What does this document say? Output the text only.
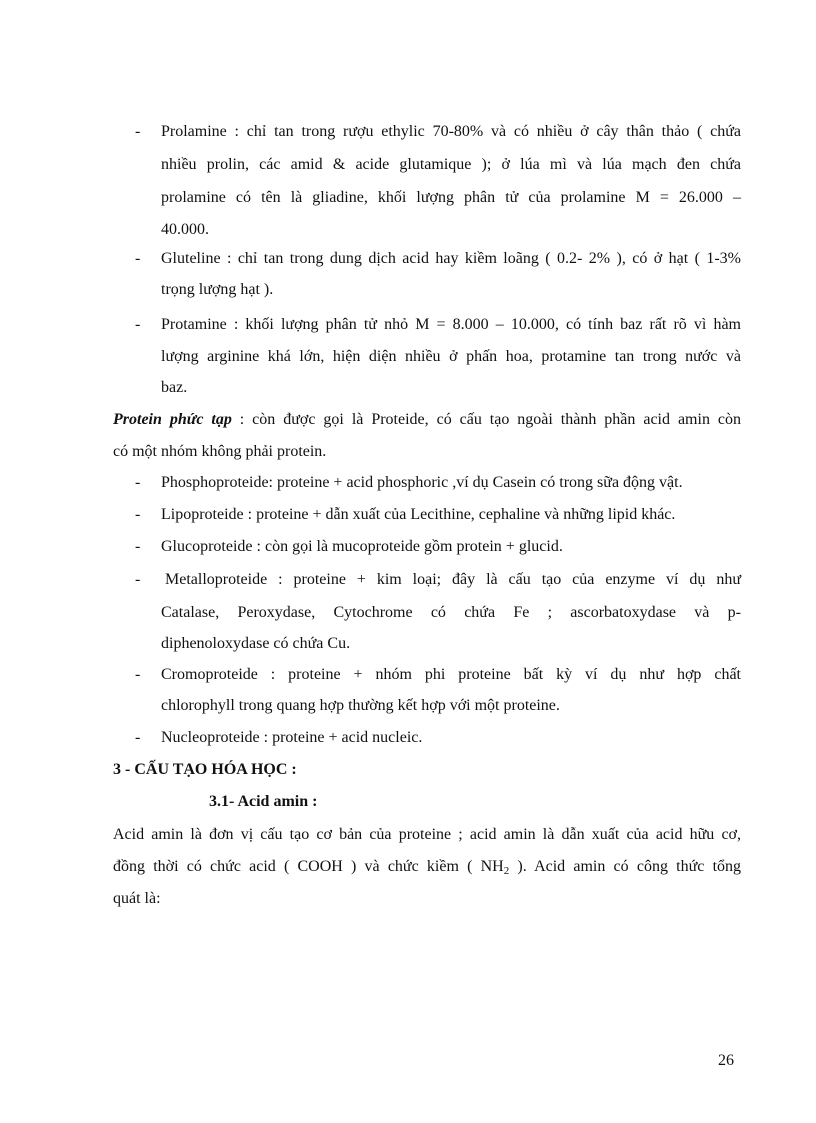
- Prolamine : chỉ tan trong rượu ethylic 70-80% và có nhiều ở cây thân thảo ( chứa
nhiều prolin, các amid & acide glutamique ); ở lúa mì và lúa mạch đen chứa
prolamine có tên là gliadine, khối lượng phân tử của prolamine M = 26.000 –
40.000.
- Gluteline : chỉ tan trong dung dịch acid hay kiềm loãng ( 0.2- 2% ), có ở hạt ( 1-3%
trọng lượng hạt ).
- Protamine : khối lượng phân tử nhỏ M = 8.000 – 10.000, có tính baz rất rõ vì hàm
lượng arginine khá lớn, hiện diện nhiều ở phấn hoa, protamine tan trong nước và
baz.
Protein phức tạp : còn được gọi là Proteide, có cấu tạo ngoài thành phần acid amin còn
có một nhóm không phải protein.
- Phosphoproteide: proteine + acid phosphoric ,ví dụ Casein có trong sữa động vật.
- Lipoproteide : proteine + dẫn xuất của Lecithine, cephaline và những lipid khác.
- Glucoproteide : còn gọi là mucoproteide gồm protein + glucid.
- Metalloproteide : proteine + kim loại; đây là cấu tạo của enzyme ví dụ như
Catalase, Peroxydase, Cytochrome có chứa Fe ; ascorbatoxydase và p-
diphenoloxydase có chứa Cu.
- Cromoproteide : proteine + nhóm phi proteine bất kỳ ví dụ như hợp chất
chlorophyll trong quang hợp thường kết hợp với một proteine.
- Nucleoproteide : proteine + acid nucleic.
3 - CẤU TẠO HÓA HỌC :
3.1- Acid amin :
Acid amin là đơn vị cấu tạo cơ bản của proteine ; acid amin là dẫn xuất của acid hữu cơ,
đồng thời có chức acid ( COOH ) và chức kiềm ( $NH_2$ ). Acid amin có công thức tổng
quát là:
26
